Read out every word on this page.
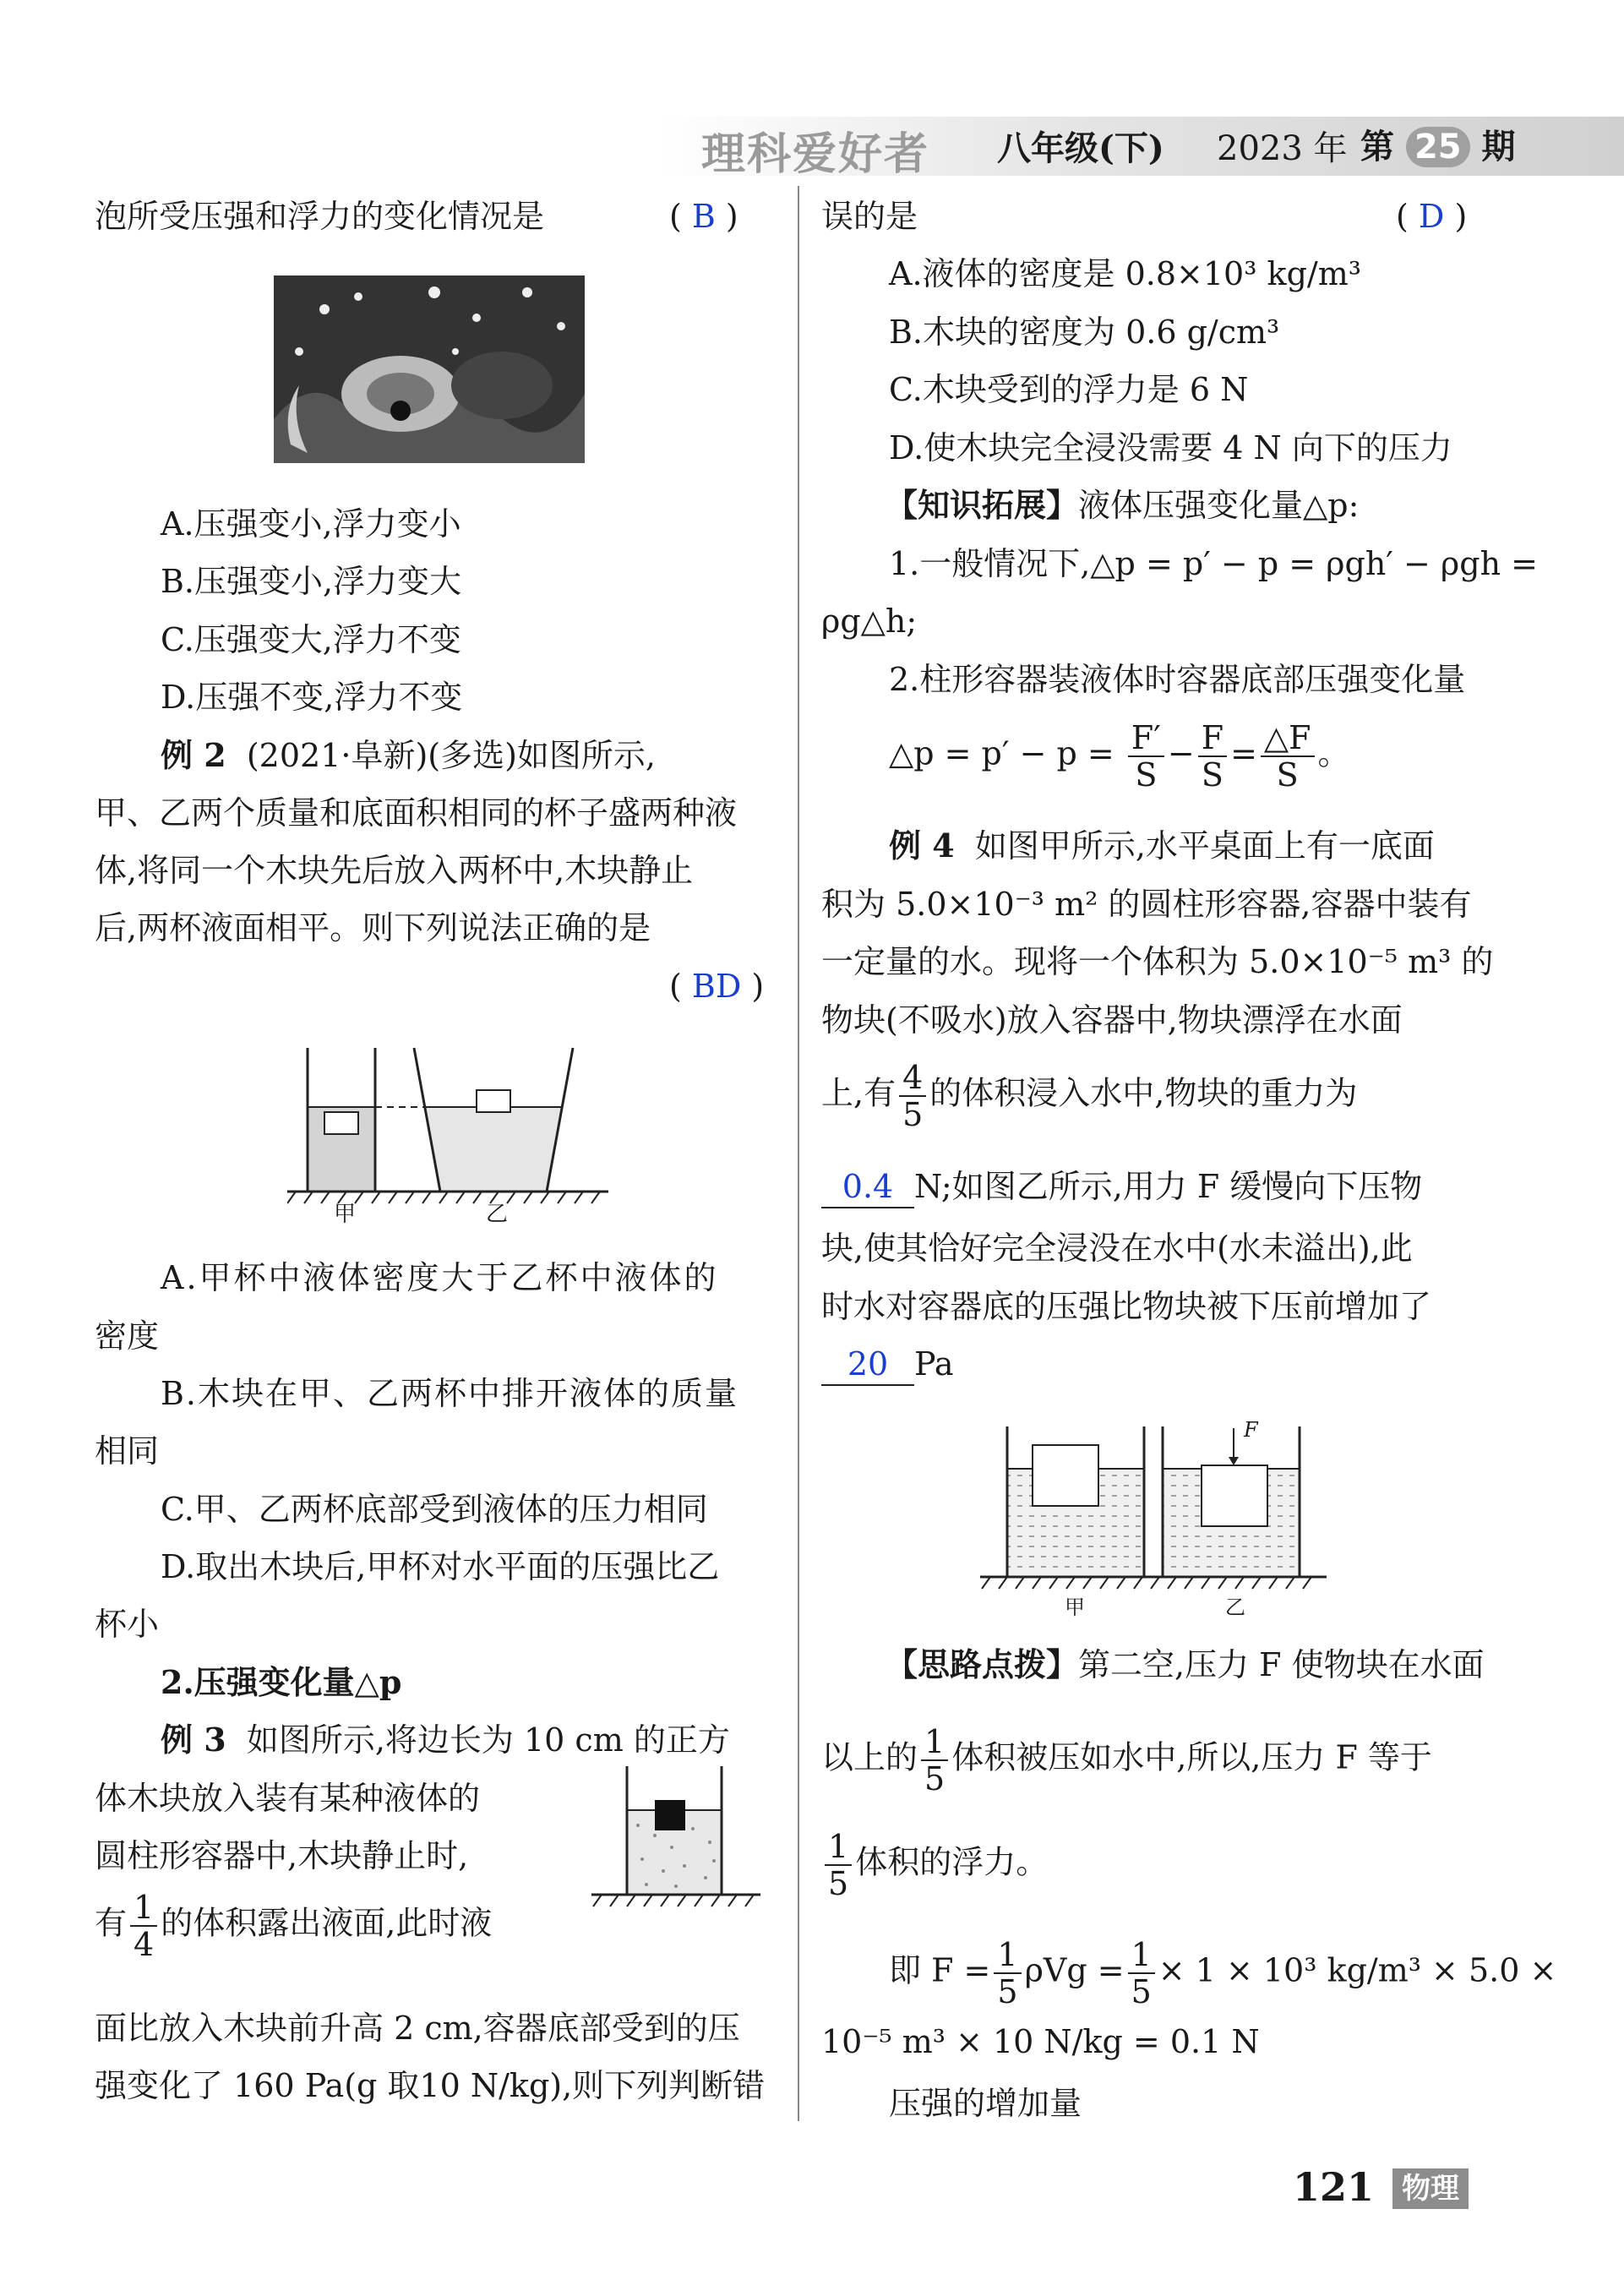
理科爱好者	八年级(下) 2023 年 第 25 期
泡所受压强和浮力的变化情况是	( B )
A.压强变小,浮力变小
B.压强变小,浮力变大
C.压强变大,浮力不变
D.压强不变,浮力不变
例 2 (2021·阜新)(多选)如图所示,
甲、乙两个质量和底面积相同的杯子盛两种液
体,将同一个木块先后放入两杯中,木块静止
后,两杯液面相平。则下列说法正确的是
( BD )
甲	乙
A.甲杯中液体密度大于乙杯中液体的
密度
B.木块在甲、乙两杯中排开液体的质量
相同
C.甲、乙两杯底部受到液体的压力相同
D.取出木块后,甲杯对水平面的压强比乙
杯小
2.压强变化量△p
例 3 如图所示,将边长为 10 cm 的正方
体木块放入装有某种液体的
圆柱形容器中,木块静止时,
有 $\frac{1}{4}$ 的体积露出液面,此时液
面比放入木块前升高 2 cm,容器底部受到的压
强变化了 160 Pa(g 取10 N/kg),则下列判断错
误的是	( D )
A.液体的密度是 0.8×10³ kg/m³
B.木块的密度为 0.6 g/cm³
C.木块受到的浮力是 6 N
D.使木块完全浸没需要 4 N 向下的压力
【知识拓展】液体压强变化量△p:
1.一般情况下,△p = p′ − p = ρgh′ − ρgh =
ρg△h;
2.柱形容器装液体时容器底部压强变化量
△p = $p' - p = \frac{F'}{S} - \frac{F}{S} = \frac{\triangle F}{S}$ 。
例 4 如图甲所示,水平桌面上有一底面
积为 5.0×10⁻³ m² 的圆柱形容器,容器中装有
一定量的水。现将一个体积为 5.0×10⁻⁵ m³ 的
物块(不吸水)放入容器中,物块漂浮在水面
上,有 $\frac{4}{5}$ 的体积浸入水中,物块的重力为
0.4 N;如图乙所示,用力 F 缓慢向下压物
块,使其恰好完全浸没在水中(水未溢出),此
时水对容器底的压强比物块被下压前增加了
20 Pa
甲	乙
F
【思路点拨】第二空,压力 F 使物块在水面
以上的 $\frac{1}{5}$ 体积被压如水中,所以,压力 F 等于
$\frac{1}{5}$ 体积的浮力。
即 $F = \frac{1}{5}$ $\rho Vg = \frac{1}{5} \times 1 \times 10^3$ kg/m³ × 5.0 ×
10⁻⁵ m³ × 10 N/kg = 0.1 N
压强的增加量
121 物理
